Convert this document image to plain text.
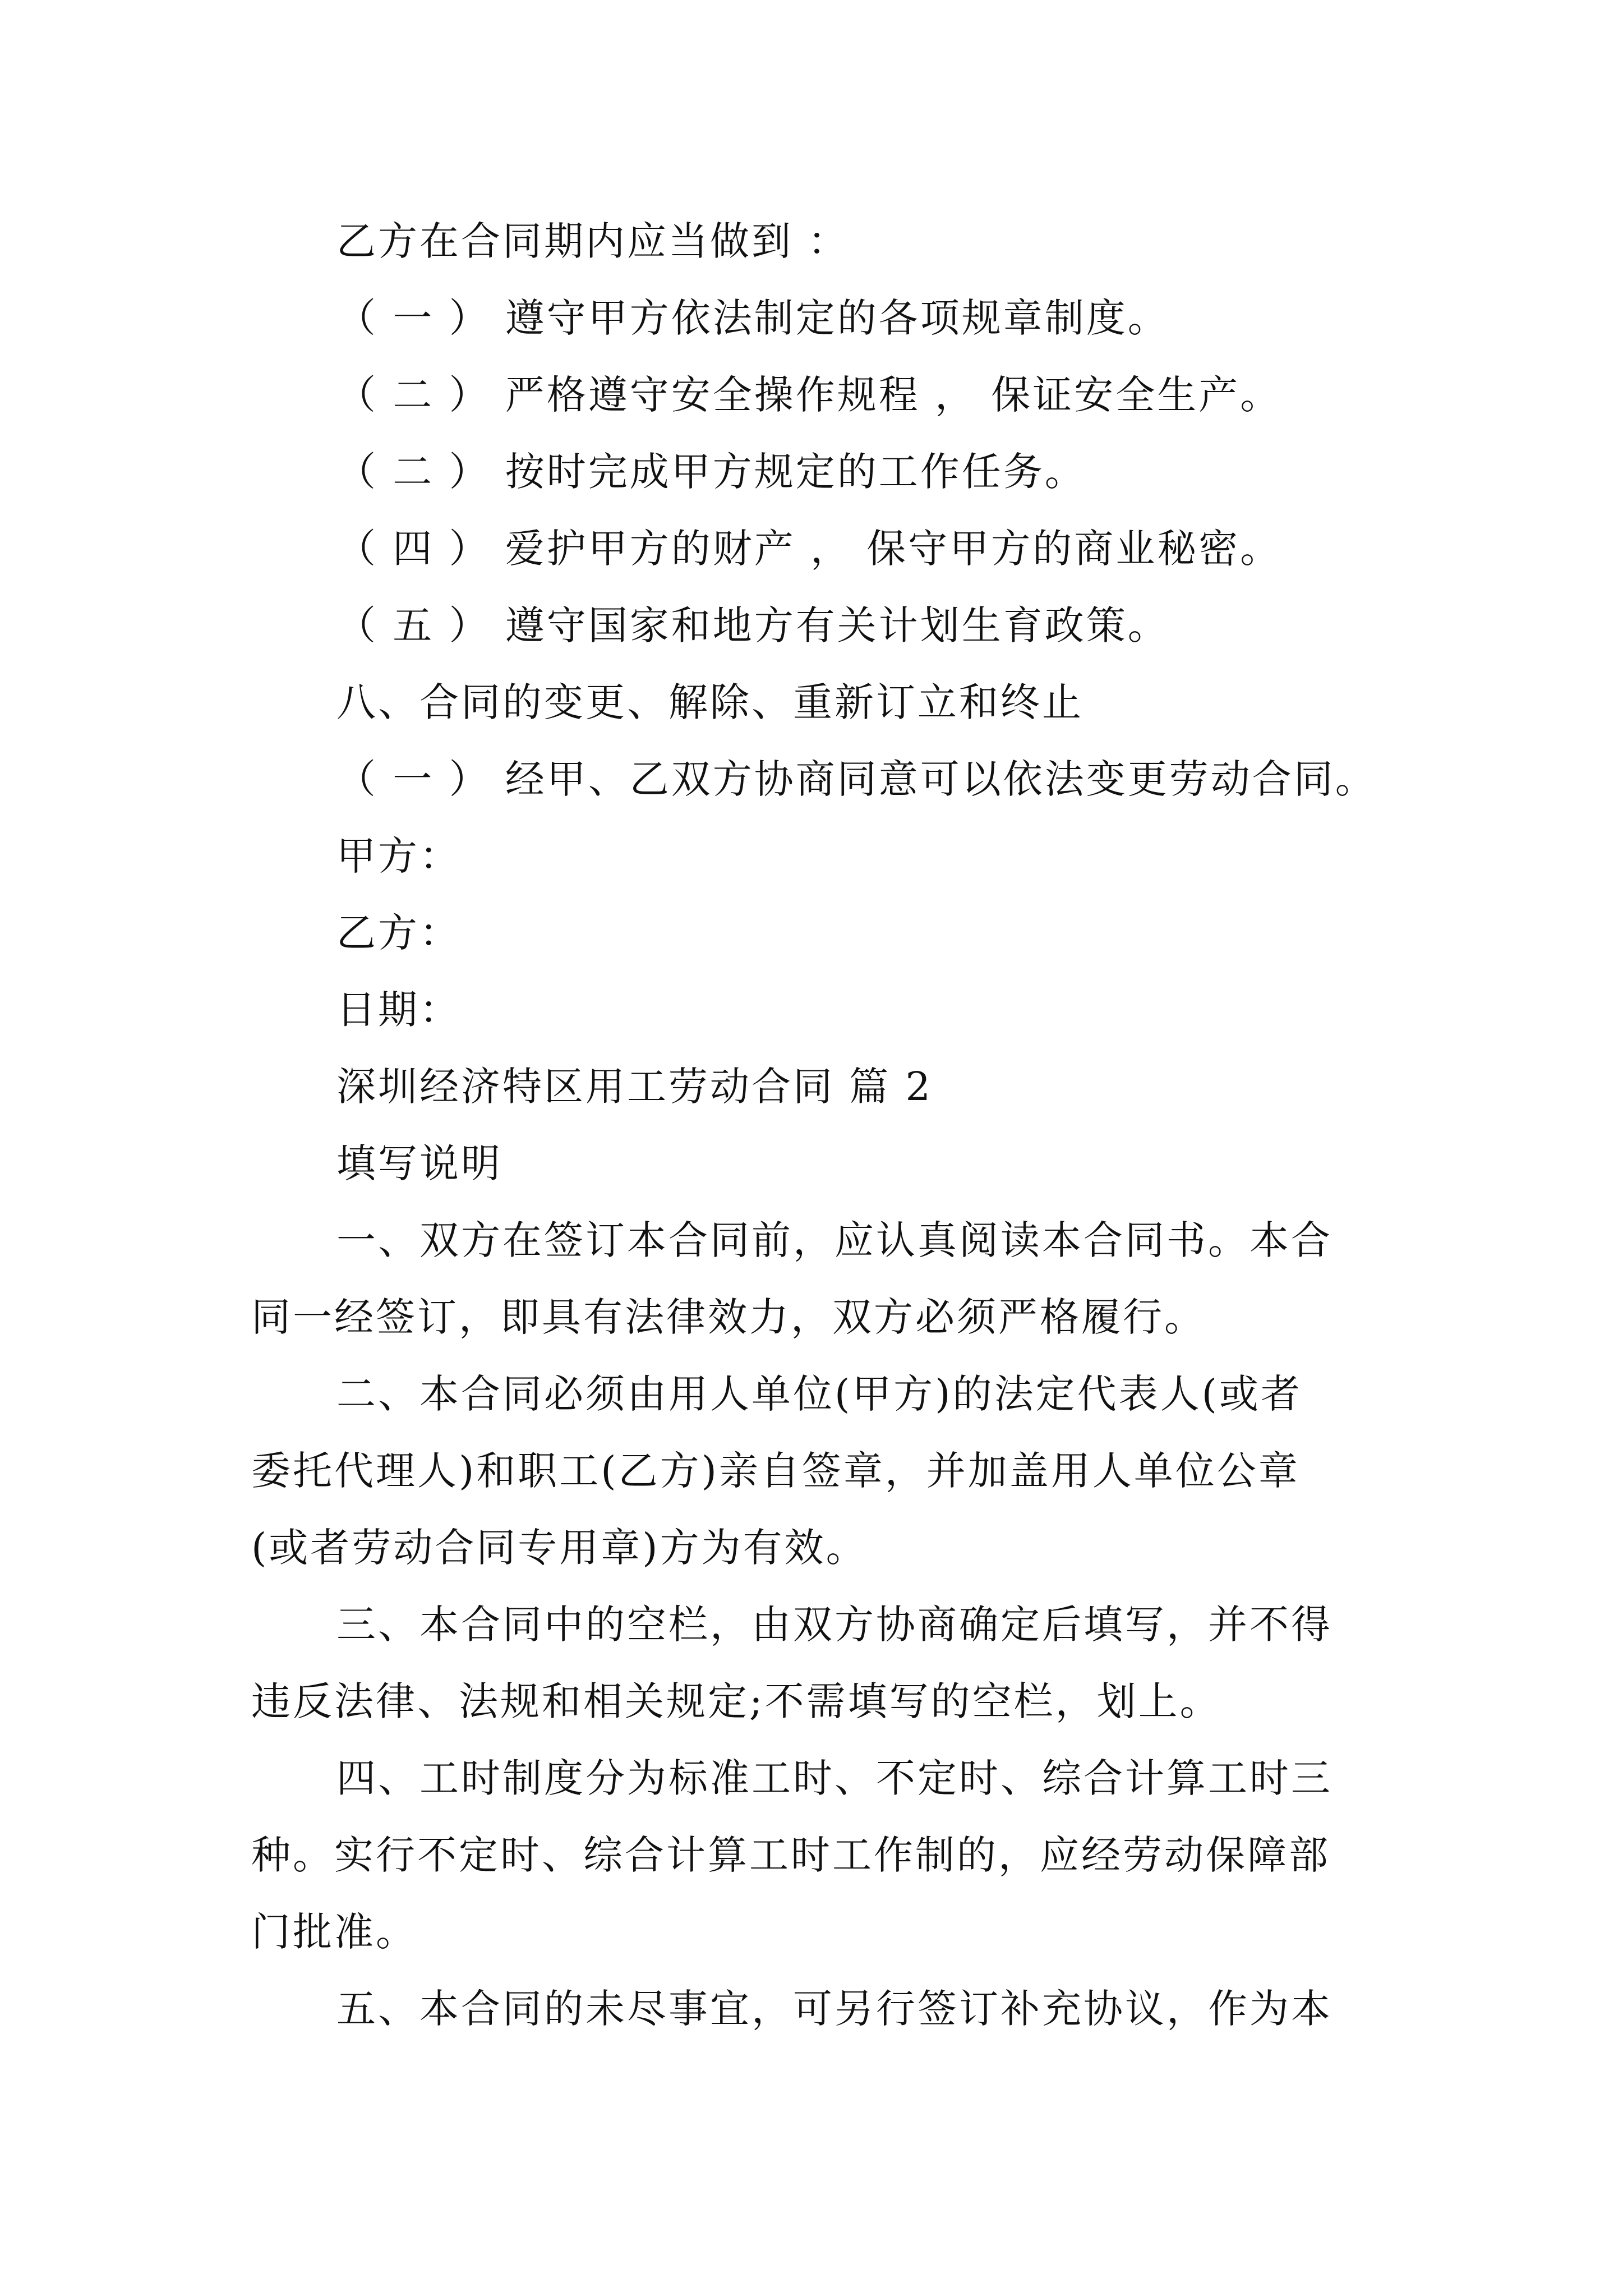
乙方在合同期内应当做到 ：
（ 一 ） 遵守甲方依法制定的各项规章制度。
（ 二 ） 严格遵守安全操作规程 ， 保证安全生产。
（ 二 ） 按时完成甲方规定的工作任务。
（ 四 ） 爱护甲方的财产 ， 保守甲方的商业秘密。
（ 五 ） 遵守国家和地方有关计划生育政策。
八、合同的变更、解除、重新订立和终止
（ 一 ） 经甲、乙双方协商同意可以依法变更劳动合同。
甲方：
乙方：
日期：
深圳经济特区用工劳动合同 篇 2
填写说明
一、双方在签订本合同前，应认真阅读本合同书。本合
同一经签订，即具有法律效力，双方必须严格履行。
二、本合同必须由用人单位(甲方)的法定代表人(或者
委托代理人)和职工(乙方)亲自签章，并加盖用人单位公章
(或者劳动合同专用章)方为有效。
三、本合同中的空栏，由双方协商确定后填写，并不得
违反法律、法规和相关规定;不需填写的空栏，划上。
四、工时制度分为标准工时、不定时、综合计算工时三
种。实行不定时、综合计算工时工作制的，应经劳动保障部
门批准。
五、本合同的未尽事宜，可另行签订补充协议，作为本
